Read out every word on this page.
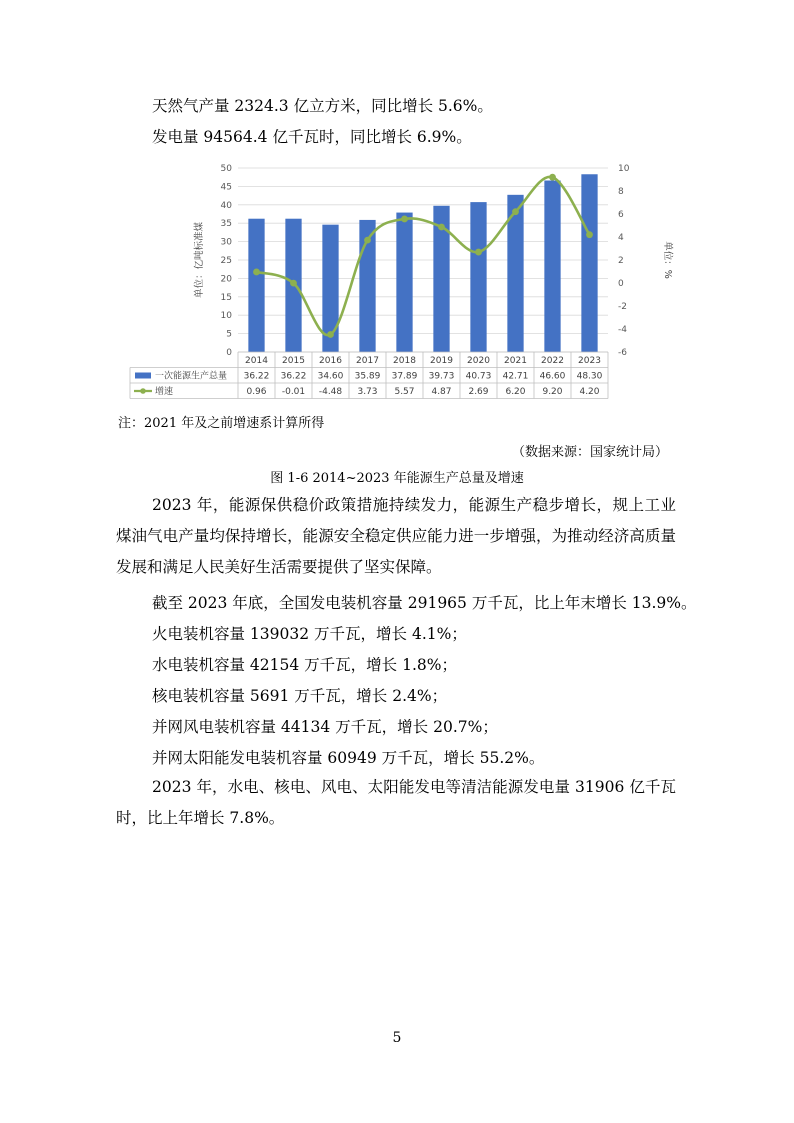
天然气产量 2324.3 亿立方米，同比增长 5.6%。
发电量 94564.4 亿千瓦时，同比增长 6.9%。
0
5
10
15
20
25
30
35
40
45
50
-6
-4
-2
0
2
4
6
8
10
单位：亿吨标准煤	单位：%
2014 2015 2016 2017 2018 2019 2020 2021 2022 2023
一次能源生产总量
增速
36.22 36.22 34.60 35.89 37.89 39.73 40.73 42.71 46.60 48.30
0.96 -0.01 -4.48 3.73 5.57 4.87 2.69 6.20 9.20 4.20
注：2021 年及之前增速系计算所得
（数据来源：国家统计局）
图 1-6 2014~2023 年能源生产总量及增速
2023 年，能源保供稳价政策措施持续发力，能源生产稳步增长，规上工业煤油气电产量均保持增长，能源安全稳定供应能力进一步增强，为推动经济高质量发展和满足人民美好生活需要提供了坚实保障。
截至 2023 年底，全国发电装机容量 291965 万千瓦，比上年末增长 13.9%。
火电装机容量 139032 万千瓦，增长 4.1%；
水电装机容量 42154 万千瓦，增长 1.8%；
核电装机容量 5691 万千瓦，增长 2.4%；
并网风电装机容量 44134 万千瓦，增长 20.7%；
并网太阳能发电装机容量 60949 万千瓦，增长 55.2%。
2023 年，水电、核电、风电、太阳能发电等清洁能源发电量 31906 亿千瓦时，比上年增长 7.8%。
5
